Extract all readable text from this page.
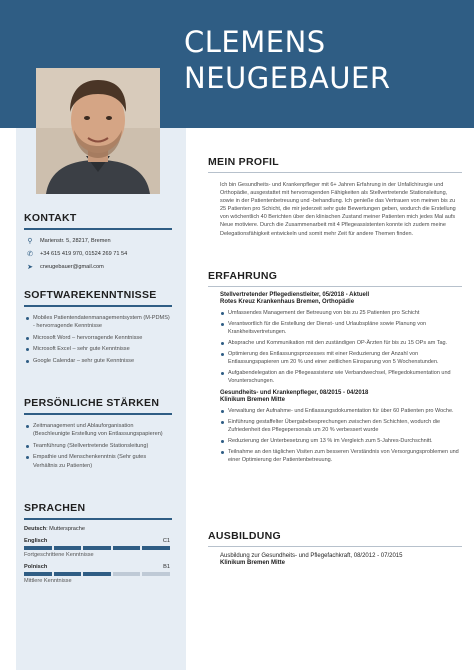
CLEMENS
NEUGEBAUER
KONTAKT
⚲	Marienstr. 5, 28217, Bremen
✆	+34 615 419 970, 01524 269 71 54
➤	cneugebauer@gmail.com
SOFTWAREKENNTNISSE
Mobiles Patientendatenmanagementsystem (M-PDMS) - hervorragende Kenntnisse
Microsoft Word – hervorragende Kenntnisse
Microsoft Excel – sehr gute Kenntnisse
Google Calendar – sehr gute Kenntnisse
PERSÖNLICHE STÄRKEN
Zeitmanagement und Ablauforganisation (Beschleunigte Erstellung von Entlassungspapieren)
Teamführung (Stellvertretende Stationsleitung)
Empathie und Menschenkenntnis (Sehr gutes Verhältnis zu Patienten)
SPRACHEN
Deutsch : Muttersprache
Englisch	C1
Fortgeschrittene Kenntnisse
Polnisch	B1
Mittlere Kenntnisse
MEIN PROFIL

Ich bin Gesundheits- und Krankenpfleger mit 6+ Jahren Erfahrung in der Unfallchirurgie und Orthopädie, ausgestattet mit hervorragenden Fähigkeiten als Stellvertretende Stationsleitung, sowie in der Patientenbetreuung und -behandlung. Ich genieße das Vertrauen von meinen bis zu 25 Patienten pro Schicht, die mir jederzeit sehr gute Bewertungen geben, wodurch die Erstellung von wöchentlich 40 Berichten über den klinischen Zustand meiner Patienten mich jedes Mal aufs Neue motiviere. Durch die Zusammenarbeit mit 4 Pflegeassistenten konnte ich zudem meine Delegationsfähigkeit entwickeln und somit mehr Zeit für andere Themen finden.

ERFAHRUNG
Stellvertretender Pflegedienstleiter, 05/2018 - Aktuell
Rotes Kreuz Krankenhaus Bremen, Orthopädie
Umfassendes Management der Betreuung von bis zu 25 Patienten pro Schicht
Verantwortlich für die Erstellung der Dienst- und Urlaubspläne sowie Planung von Krankheitsvertretungen.
Absprache und Kommunikation mit den zuständigen OP-Ärzten für bis zu 15 OPs am Tag.
Optimierung des Entlassungsprozesses mit einer Reduzierung der Anzahl von Entlassungspapieren um 20 % und einer zeitlichen Einsparung von 5 Wochenstunden.
Aufgabendelegation an die Pflegeassistenz wie Verbandwechsel, Pflegedokumentation und Vorunterschungen.
Gesundheits- und Krankenpfleger, 08/2015 - 04/2018
Klinikum Bremen Mitte
Verwaltung der Aufnahme- und Entlassungsdokumentation für über 60 Patienten pro Woche.
Einführung gestaffelter Übergabebesprechungen zwischen den Schichten, wodurch die Zufriedenheit des Pflegepersonals um 20 % verbessert wurde
Reduzierung der Unterbesetzung um 13 % im Vergleich zum 5-Jahres-Durchschnitt.
Teilnahme an den täglichen Visiten zum besseren Verständnis von Versorgungsproblemen und einer Optimierung der Patientenbetreuung.
AUSBILDUNG
Ausbildung zur Gesundheits- und Pflegefachkraft, 08/2012 - 07/2015
Klinikum Bremen Mitte
